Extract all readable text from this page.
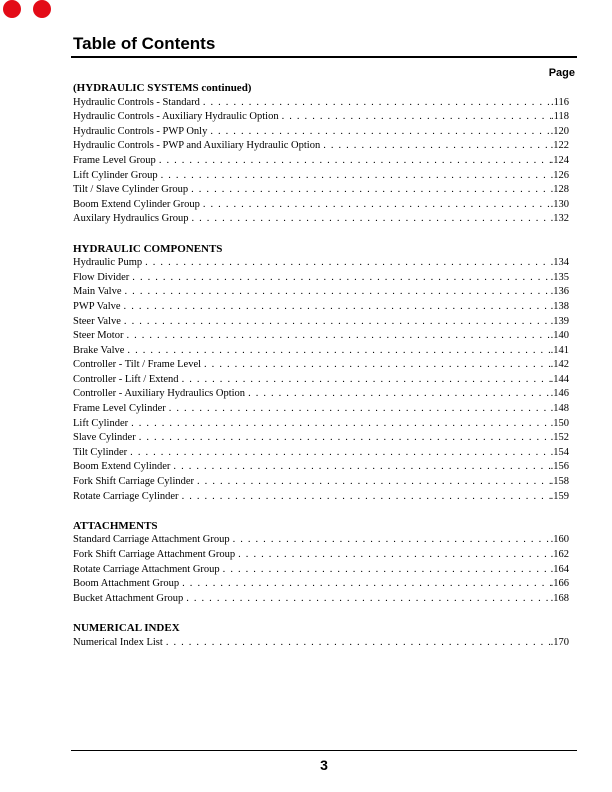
Table of Contents
Page
(HYDRAULIC SYSTEMS continued)
Hydraulic Controls - Standard . . .	.116
Hydraulic Controls - Auxiliary Hydraulic Option . . .	.118
Hydraulic Controls - PWP Only . . .	.120
Hydraulic Controls - PWP and Auxiliary Hydraulic Option . . .	.122
Frame Level Group . . .	.124
Lift Cylinder Group . . .	.126
Tilt / Slave Cylinder Group . . .	.128
Boom Extend Cylinder Group . . .	.130
Auxilary Hydraulics Group . . .	.132
HYDRAULIC COMPONENTS
Hydraulic Pump . . .	.134
Flow Divider . . .	.135
Main Valve . . .	.136
PWP Valve . . .	.138
Steer Valve . . .	.139
Steer Motor . . .	.140
Brake Valve . . .	.141
Controller - Tilt / Frame Level . . .	.142
Controller - Lift / Extend . . .	.144
Controller - Auxiliary Hydraulics Option . . .	.146
Frame Level Cylinder . . .	.148
Lift Cylinder . . .	.150
Slave Cylinder . . .	.152
Tilt Cylinder . . .	.154
Boom Extend Cylinder . . .	.156
Fork Shift Carriage Cylinder . . .	.158
Rotate Carriage Cylinder . . .	.159
ATTACHMENTS
Standard Carriage Attachment Group . . .	.160
Fork Shift Carriage Attachment Group . . .	.162
Rotate Carriage Attachment Group . . .	.164
Boom Attachment Group . . .	.166
Bucket Attachment Group . . .	.168
NUMERICAL INDEX
Numerical Index List . . .	.170
3
